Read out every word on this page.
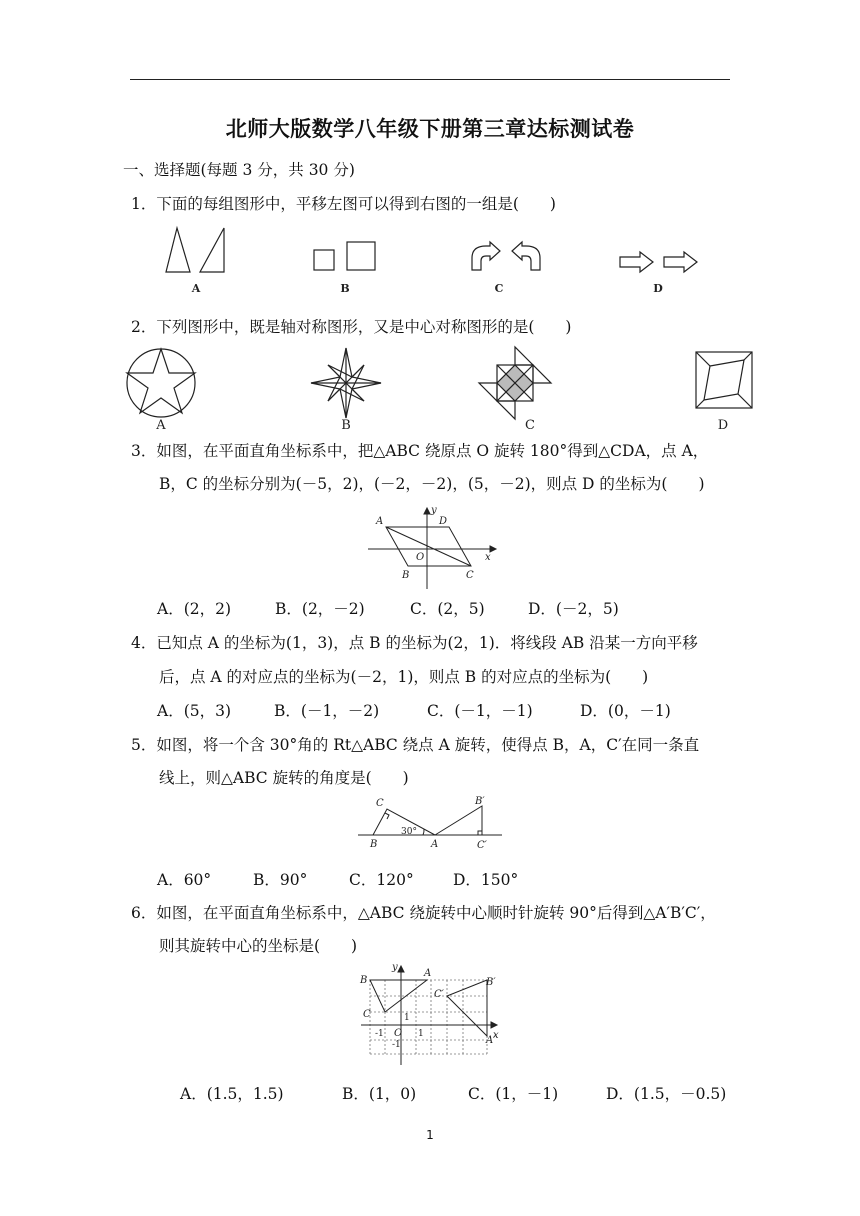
北师大版数学八年级下册第三章达标测试卷
一、选择题(每题 3 分，共 30 分)
1．下面的每组图形中，平移左图可以得到右图的一组是(　　)
A	B	C	D
2．下列图形中，既是轴对称图形，又是中心对称图形的是(　　)
A	B	C	D
3．如图，在平面直角坐标系中，把△ABC 绕原点 O 旋转 180°得到△CDA，点 A，
B，C 的坐标分别为(－5，2)，(－2，－2)，(5，－2)，则点 D 的坐标为(　　)
A	D
O	x
y
B	C
A．(2，2)	B．(2，－2)	C．(2，5)	D．(－2，5)
4．已知点 A 的坐标为(1，3)，点 B 的坐标为(2，1)．将线段 AB 沿某一方向平移
后，点 A 的对应点的坐标为(－2，1)，则点 B 的对应点的坐标为(　　)
A．(5，3)	B．(－1，－2)	C．(－1，－1)	D．(0，－1)
5．如图，将一个含 30°角的 Rt△ABC 绕点 A 旋转，使得点 B，A，C′在同一条直
线上，则△ABC 旋转的角度是(　　)
C
B	A
B′
C′
30°
A．60°	B．90°	C．120°	D．150°
6．如图，在平面直角坐标系中，△ABC 绕旋转中心顺时针旋转 90°后得到△A′B′C′，
则其旋转中心的坐标是(　　)
B
A
C
C′
B′
A′
O	x
y
1
-1	1
-1
A．(1.5，1.5)	B．(1，0)	C．(1，－1)	D．(1.5，－0.5)
1
